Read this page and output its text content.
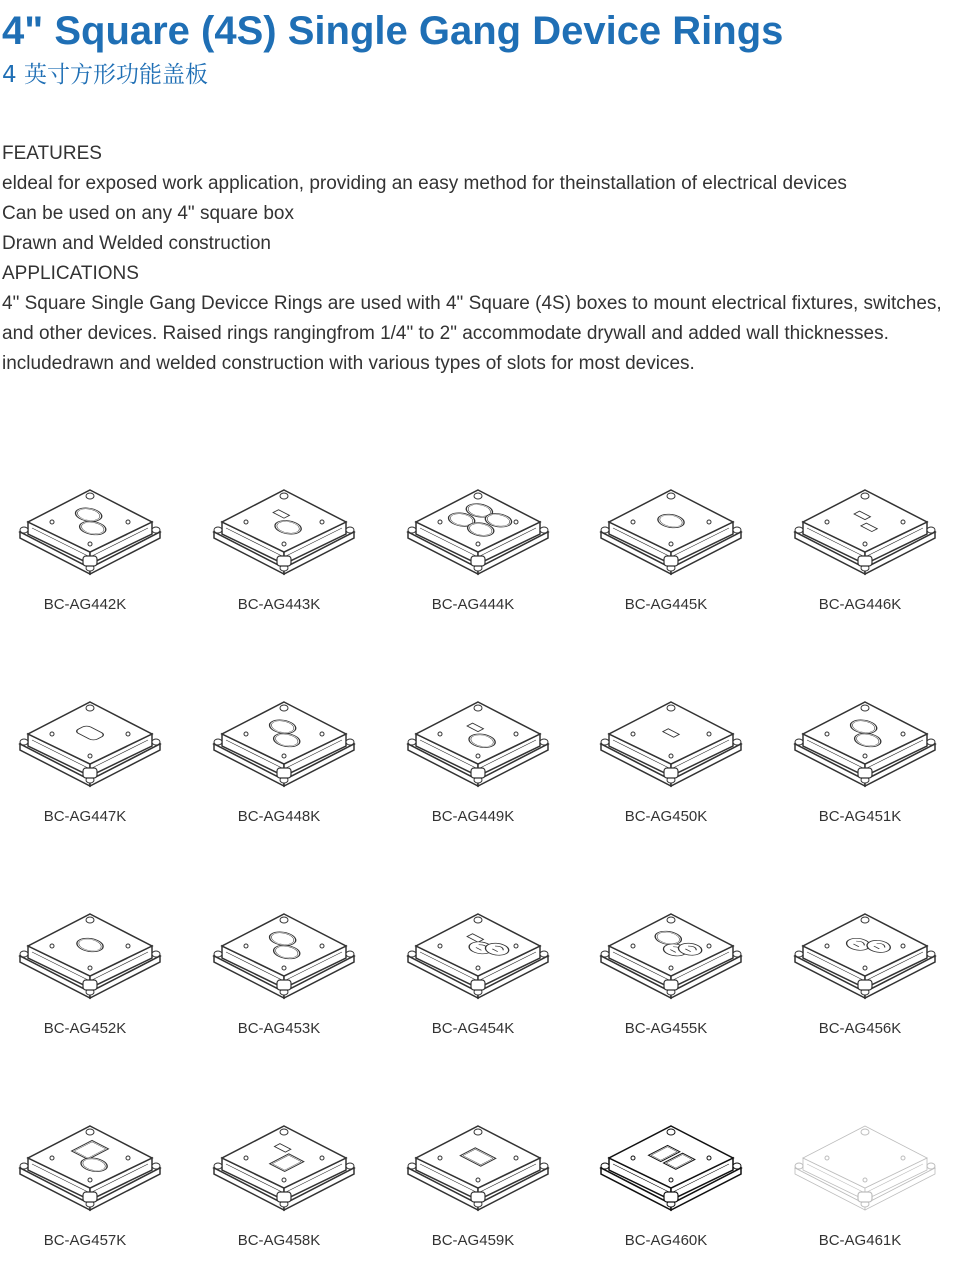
4" Square (4S) Single Gang Device Rings
4 英寸方形功能盖板

FEATURES

eldeal for exposed work application, providing an easy method for theinstallation of electrical devices

Can be used on any 4" square box

Drawn and Welded construction

APPLICATIONS

4" Square Single Gang Devicce Rings are used with 4" Square (4S) boxes to mount electrical fixtures, switches,

and other devices. Raised rings rangingfrom 1/4" to 2" accommodate drywall and added wall thicknesses.

includedrawn and welded construction with various types of slots for most devices.

BC-AG442K	BC-AG443K	BC-AG444K	BC-AG445K	BC-AG446K
BC-AG447K	BC-AG448K	BC-AG449K	BC-AG450K	BC-AG451K
BC-AG452K	BC-AG453K	BC-AG454K	BC-AG455K	BC-AG456K
BC-AG457K	BC-AG458K	BC-AG459K	BC-AG460K	BC-AG461K
